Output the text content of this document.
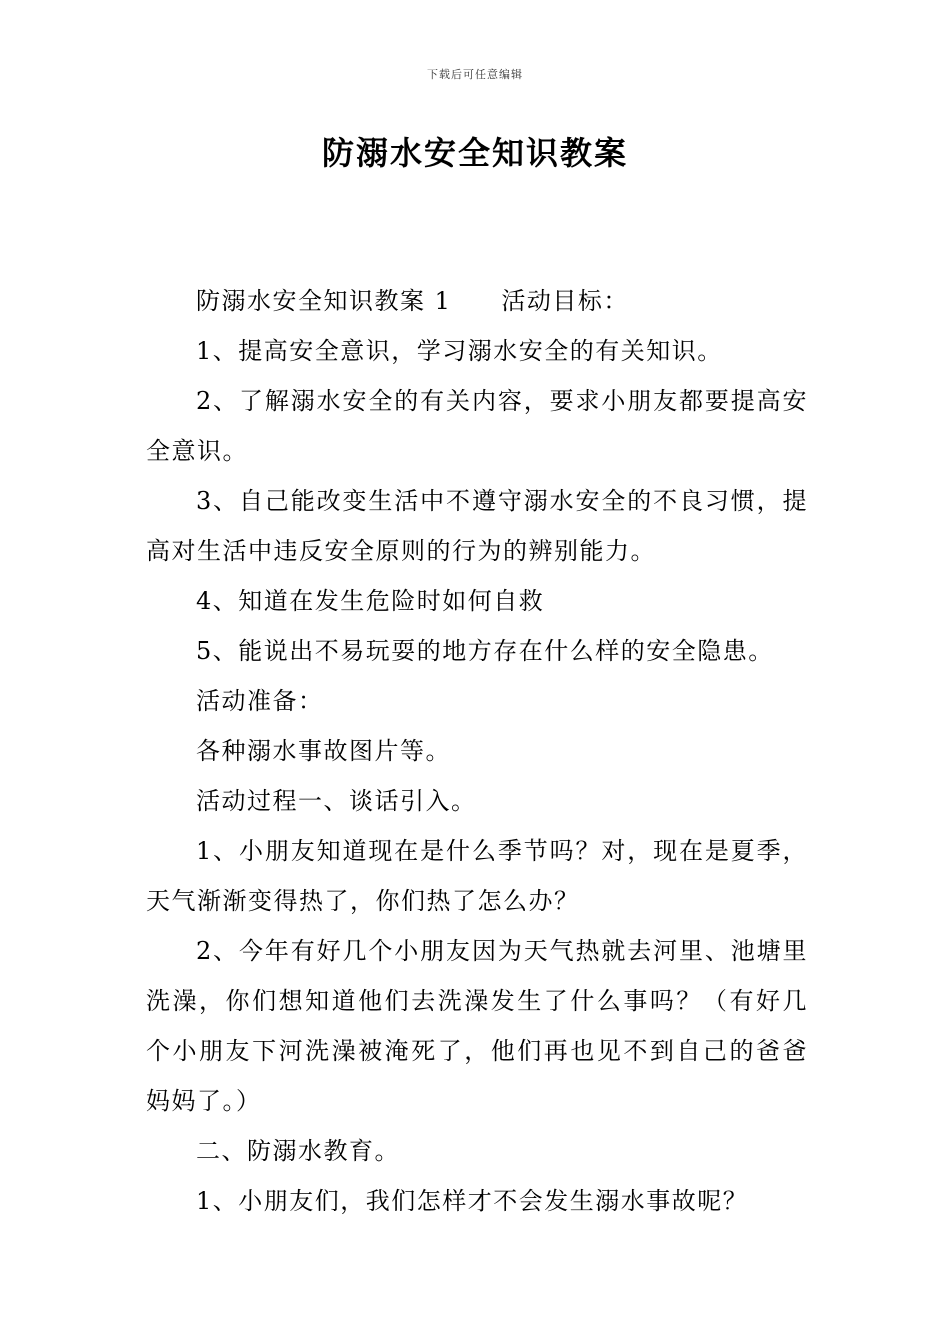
下载后可任意编辑
防溺水安全知识教案

防溺水安全知识教案 1 活动目标：

1、提高安全意识，学习溺水安全的有关知识。

2、了解溺水安全的有关内容，要求小朋友都要提高安全意识。

3、自己能改变生活中不遵守溺水安全的不良习惯，提高对生活中违反安全原则的行为的辨别能力。

4、知道在发生危险时如何自救

5、能说出不易玩耍的地方存在什么样的安全隐患。

活动准备：

各种溺水事故图片等。

活动过程一、谈话引入。

1、小朋友知道现在是什么季节吗？对，现在是夏季，天气渐渐变得热了，你们热了怎么办？

2、今年有好几个小朋友因为天气热就去河里、池塘里洗澡，你们想知道他们去洗澡发生了什么事吗？（有好几个小朋友下河洗澡被淹死了，他们再也见不到自己的爸爸妈妈了。）

二、防溺水教育。

1、小朋友们，我们怎样才不会发生溺水事故呢？
